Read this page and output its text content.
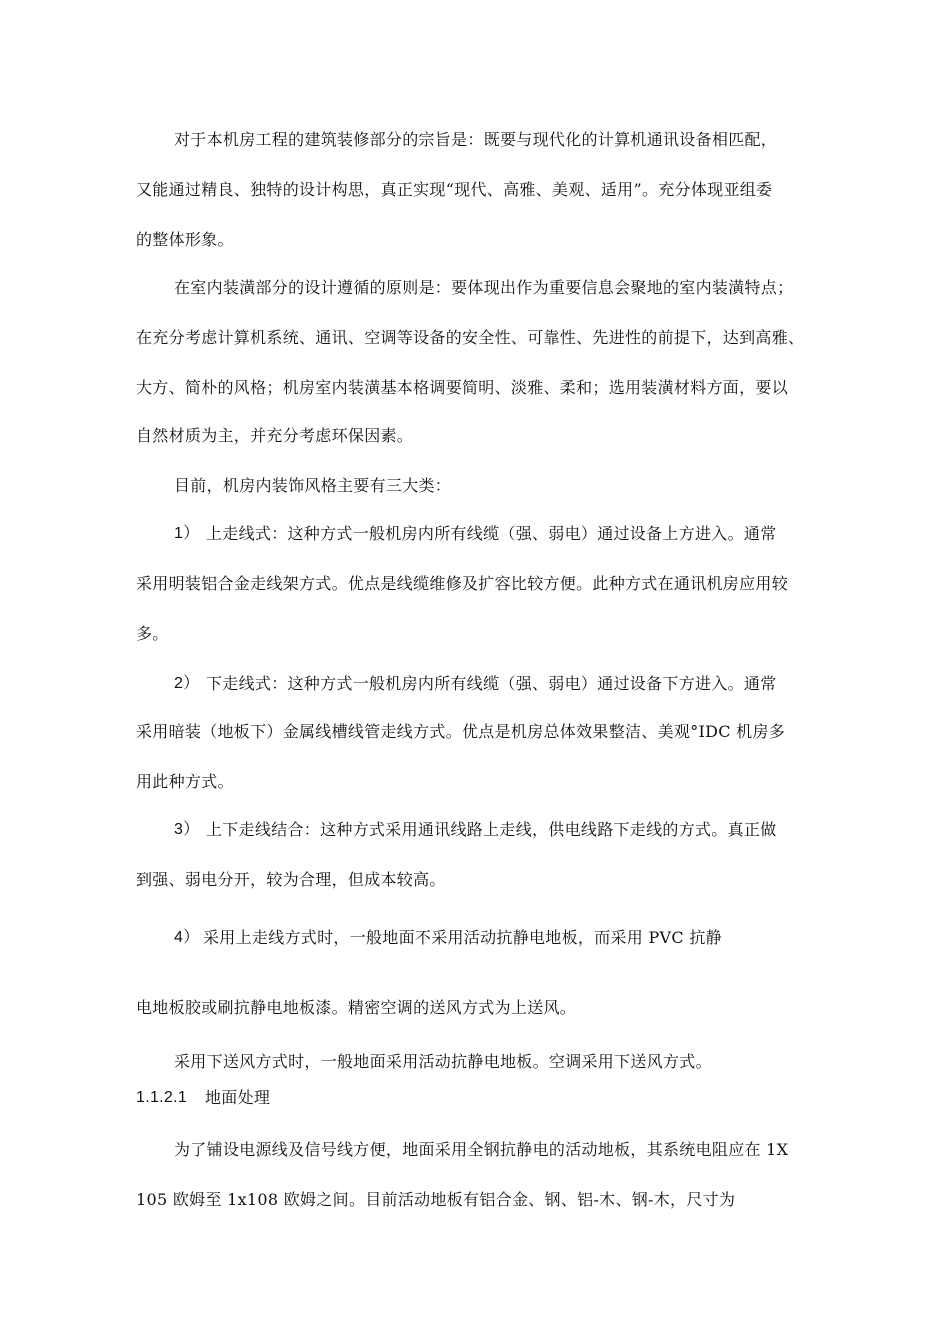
对于本机房工程的建筑装修部分的宗旨是：既要与现代化的计算机通讯设备相匹配，
又能通过精良、独特的设计构思，真正实现“现代、高雅、美观、适用”。充分体现亚组委
的整体形象。
在室内装潢部分的设计遵循的原则是：要体现出作为重要信息会聚地的室内装潢特点；
在充分考虑计算机系统、通讯、空调等设备的安全性、可靠性、先进性的前提下，达到高雅、
大方、简朴的风格；机房室内装潢基本格调要简明、淡雅、柔和；选用装潢材料方面，要以
自然材质为主，并充分考虑环保因素。
目前，机房内装饰风格主要有三大类：
1） 上走线式：这种方式一般机房内所有线缆（强、弱电）通过设备上方进入。通常
采用明装铝合金走线架方式。优点是线缆维修及扩容比较方便。此种方式在通讯机房应用较
多。
2） 下走线式：这种方式一般机房内所有线缆（强、弱电）通过设备下方进入。通常
采用暗装（地板下）金属线槽线管走线方式。优点是机房总体效果整洁、美观°IDC 机房多
用此种方式。
3） 上下走线结合：这种方式采用通讯线路上走线，供电线路下走线的方式。真正做
到强、弱电分开，较为合理，但成本较高。
4） 采用上走线方式时，一般地面不采用活动抗静电地板，而采用 PVC 抗静
电地板胶或刷抗静电地板漆。精密空调的送风方式为上送风。
采用下送风方式时，一般地面采用活动抗静电地板。空调采用下送风方式。
1.1.2.1 地面处理
为了铺设电源线及信号线方便，地面采用全钢抗静电的活动地板，其系统电阻应在 1X
105 欧姆至 1x108 欧姆之间。目前活动地板有铝合金、钢、铝-木、钢-木，尺寸为
